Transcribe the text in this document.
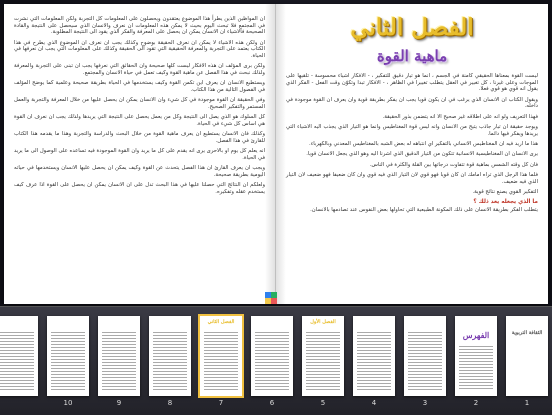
ان المواظين الذين يطرأ هذا الموضوع يعتقدون ويحصلون على المعلومات كل التجربة ولكن المعلومات التي نشرت في المجتمع فلا تبحث اليوم بحيث لا يمكن هذه المعلومات ان نعرف والانسان الذي سيحصل على النتيجة والقادة الصحيحة فالاشياء ان الانسان يمكن ان يحصل على المعرفة والفكر الذي يقود الى النتيجة المطلوبة.

ان ولكن هذه الاشياء لا يمكن ان نعرف الحقيقة بوضوح وكذلك يجب ان نعرف ان الموضوع الذي يطرح في هذا الكتاب يعتمد على التجربة والمعرفة الحقيقية التي تقود الى الحقيقة وكذلك على المعلومات التي يجب ان نعرفها في الحياة.

ولكن برى المؤلف ان هذه الافكار ليست كلها صحيحة وان الحقائق التي نعرفها يجب ان تبنى على التجربة والمعرفة ولذلك نبحث في هذا الفصل عن ماهية القوة وكيف تعمل في حياة الانسان والمجتمع.

ويستطيع الانسان ان يعرف اين تكمن القوة وكيف يستخدمها في الحياة بطريقة صحيحة وعلمية كما يوضح المؤلف في الفصول التالية من هذا الكتاب.

وفي الحقيقة ان القوة موجودة في كل شيء وان الانسان يمكن ان يحصل عليها من خلال المعرفة والتجربة والعمل المستمر والتفكير الصحيح.

كل السلوك هو الذي يصل الى النتيجة وكل من يعمل يحصل على النتيجة التي يريدها ولذلك يجب ان نعرف ان القوة هي اساس كل شيء في الحياة.

وكذلك فان الانسان يستطيع ان يعرف ماهية القوة من خلال البحث والدراسة والتجربة وهذا ما يقدمه هذا الكتاب للقارئ في هذا الفصل.

انه يعلم كل يوم او بالاحرى يرى انه يقدم على كل ما يريد وان القوة الموجودة فيه تساعده على الوصول الى ما يريد في الحياة.

ويجب ان يعرف القارئ ان هذا الفصل يتحدث عن القوة وكيف يمكن ان يحصل عليها الانسان ويستخدمها في حياته اليومية بطريقة صحيحة.

ولعلكم ان النتائج التي حصلنا عليها في هذا البحث تدل على ان الانسان يمكن ان يحصل على القوة اذا عرف كيف يستخدم عقله وتفكيره.

الفصل الثاني
ماهية القوة

ليست القوة بمعناها الحقيقي كامنة في الجسم ، انما هو تيار دقيق للتفكير ، - الافكار اشياء محسوسة - تلقيها على الموجات وعلى غيرنا ، كل تغيير في العقل يتطلب تغييرا في الظاهر ، - الافكار تبدا وتكوّن وقت الفعل - الفكر الذي يقول انه قوي هو قوي فعلا.

ويقول الكتاب ان الانسان الذي يرغب في ان يكون قويا يجب ان يفكر بطريقة قوية وان يعرف ان القوة موجودة في داخله.

فهذا التعريف ولو انه على اطلاقه غير صحيح الا انه يتضمن بذور الحقيقة.

ويوجد حقيقة ان تيار جاذب يتيح من الانسان وانه ليس قوة المغناطيس وانما هو التيار الذي يجذب اليه الاشياء التي يريدها ويفكر فيها دائما.

هذا ما اريد فيه ان المغناطيس الانساني بالتفكير اي انتباهه له بعض الشبه بالمغناطيس المعدني وبالكهرباء.

يرى الانسان ان المغناطيسية الانسانية تتكون من التيار الدقيق الذي اشرنا اليه وهو الذي يجعل الانسان قويا.

فان كل وقته الشمس بماهية قوة تتفاوت درجاتها بين القلة والكثرة في الناس.

فلما هذا الرجل الذي تراه امامك ان كان قويا فهو قوي لان التيار الذي فيه قوي وان كان ضعيفا فهو ضعيف لان التيار الذي فيه ضعيف.

التفكير القوي يصنع نتائج قوية.

ما الذي يجعله يعد ذلك ؟

يتطلب الفكر بطريقة الانسان على ذلك المكونة الطبيعية التي تحاولها بعض النفوس عند تصادمها بالانسان.

الثقافة التربوية
1
الفهرس
2
3
4
الفصل الأول
5
6
الفصل الثاني
7
8
9
10
